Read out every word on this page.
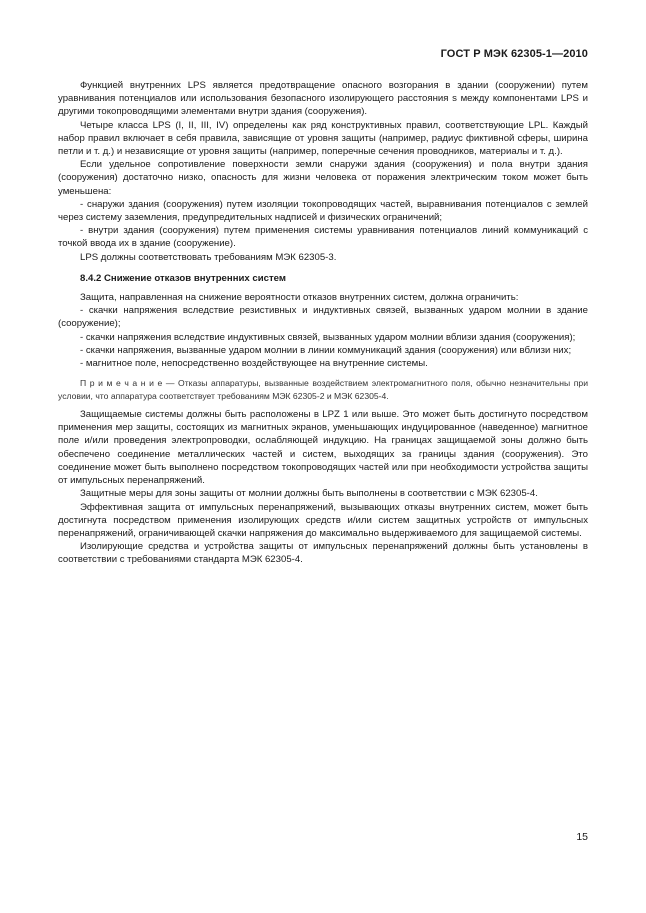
ГОСТ Р МЭК 62305-1—2010

Функцией внутренних LPS является предотвращение опасного возгорания в здании (сооружении) путем уравнивания потенциалов или использования безопасного изолирующего расстояния s между компонентами LPS и другими токопроводящими элементами внутри здания (сооружения).

Четыре класса LPS (I, II, III, IV) определены как ряд конструктивных правил, соответствующие LPL. Каждый набор правил включает в себя правила, зависящие от уровня защиты (например, радиус фиктивной сферы, ширина петли и т. д.) и независящие от уровня защиты (например, поперечные сечения проводников, материалы и т. д.).

Если удельное сопротивление поверхности земли снаружи здания (сооружения) и пола внутри здания (сооружения) достаточно низко, опасность для жизни человека от поражения электрическим током может быть уменьшена:

- снаружи здания (сооружения) путем изоляции токопроводящих частей, выравнивания потенциалов с землей через систему заземления, предупредительных надписей и физических ограничений;

- внутри здания (сооружения) путем применения системы уравнивания потенциалов линий коммуникаций с точкой ввода их в здание (сооружение).

LPS должны соответствовать требованиям МЭК 62305-3.

8.4.2 Снижение отказов внутренних систем

Защита, направленная на снижение вероятности отказов внутренних систем, должна ограничить:

- скачки напряжения вследствие резистивных и индуктивных связей, вызванных ударом молнии в здание (сооружение);

- скачки напряжения вследствие индуктивных связей, вызванных ударом молнии вблизи здания (сооружения);

- скачки напряжения, вызванные ударом молнии в линии коммуникаций здания (сооружения) или вблизи них;

- магнитное поле, непосредственно воздействующее на внутренние системы.

П р и м е ч а н и е — Отказы аппаратуры, вызванные воздействием электромагнитного поля, обычно незначительны при условии, что аппаратура соответствует требованиям МЭК 62305-2 и МЭК 62305-4.

Защищаемые системы должны быть расположены в LPZ 1 или выше. Это может быть достигнуто посредством применения мер защиты, состоящих из магнитных экранов, уменьшающих индуцированное (наведенное) магнитное поле и/или проведения электропроводки, ослабляющей индукцию. На границах защищаемой зоны должно быть обеспечено соединение металлических частей и систем, выходящих за границы здания (сооружения). Это соединение может быть выполнено посредством токопроводящих частей или при необходимости устройства защиты от импульсных перенапряжений.

Защитные меры для зоны защиты от молнии должны быть выполнены в соответствии с МЭК 62305-4.

Эффективная защита от импульсных перенапряжений, вызывающих отказы внутренних систем, может быть достигнута посредством применения изолирующих средств и/или систем защитных устройств от импульсных перенапряжений, ограничивающей скачки напряжения до максимально выдерживаемого для защищаемой системы.

Изолирующие средства и устройства защиты от импульсных перенапряжений должны быть установлены в соответствии с требованиями стандарта МЭК 62305-4.

15
